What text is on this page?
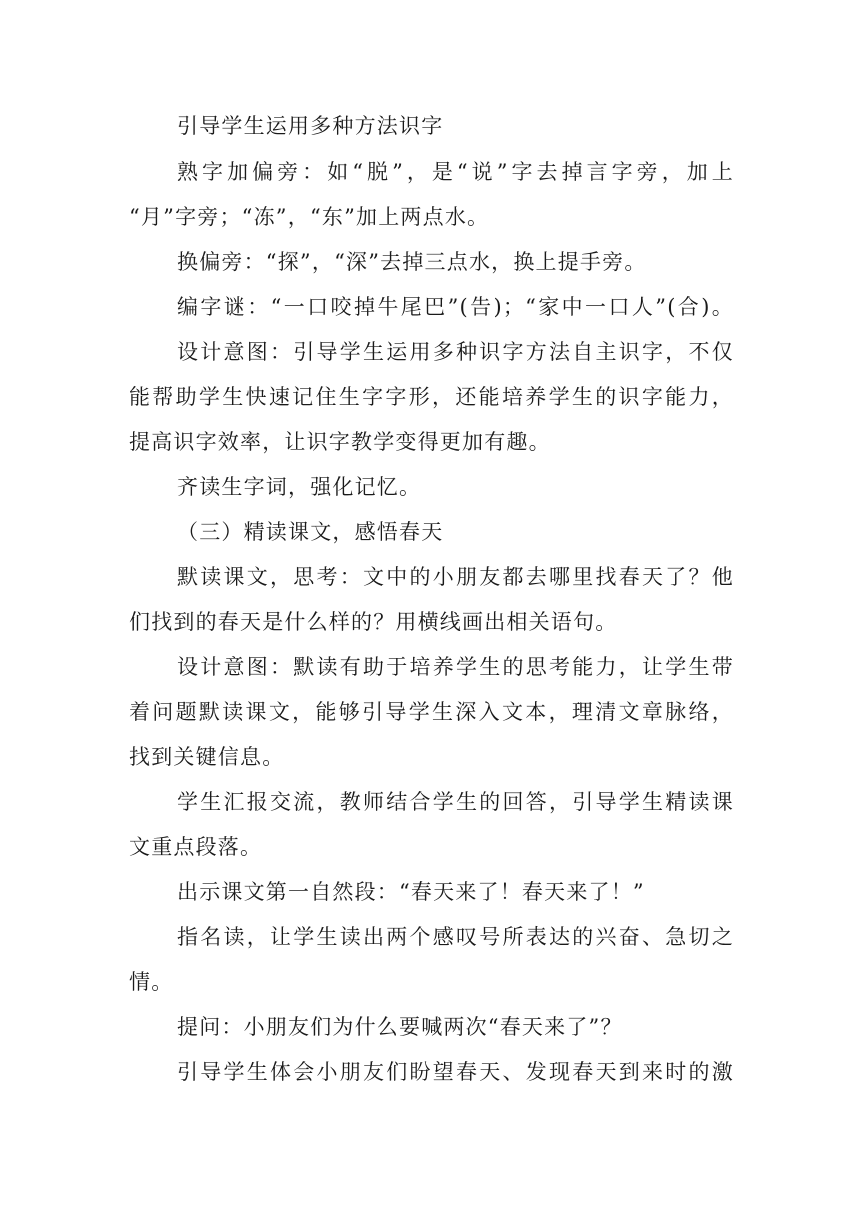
引导学生运用多种方法识字

熟字加偏旁：如“脱”，是“说”字去掉言字旁，加上

“月”字旁；“冻”，“东”加上两点水。

换偏旁：“探”，“深”去掉三点水，换上提手旁。

编字谜：“一口咬掉牛尾巴”(告)；“家中一口人”(合)。

设计意图：引导学生运用多种识字方法自主识字，不仅

能帮助学生快速记住生字字形，还能培养学生的识字能力，

提高识字效率，让识字教学变得更加有趣。

齐读生字词，强化记忆。

（三）精读课文，感悟春天

默读课文，思考：文中的小朋友都去哪里找春天了？他

们找到的春天是什么样的？用横线画出相关语句。

设计意图：默读有助于培养学生的思考能力，让学生带

着问题默读课文，能够引导学生深入文本，理清文章脉络，

找到关键信息。

学生汇报交流，教师结合学生的回答，引导学生精读课

文重点段落。

出示课文第一自然段：“春天来了！春天来了！”

指名读，让学生读出两个感叹号所表达的兴奋、急切之

情。

提问：小朋友们为什么要喊两次“春天来了”？

引导学生体会小朋友们盼望春天、发现春天到来时的激
